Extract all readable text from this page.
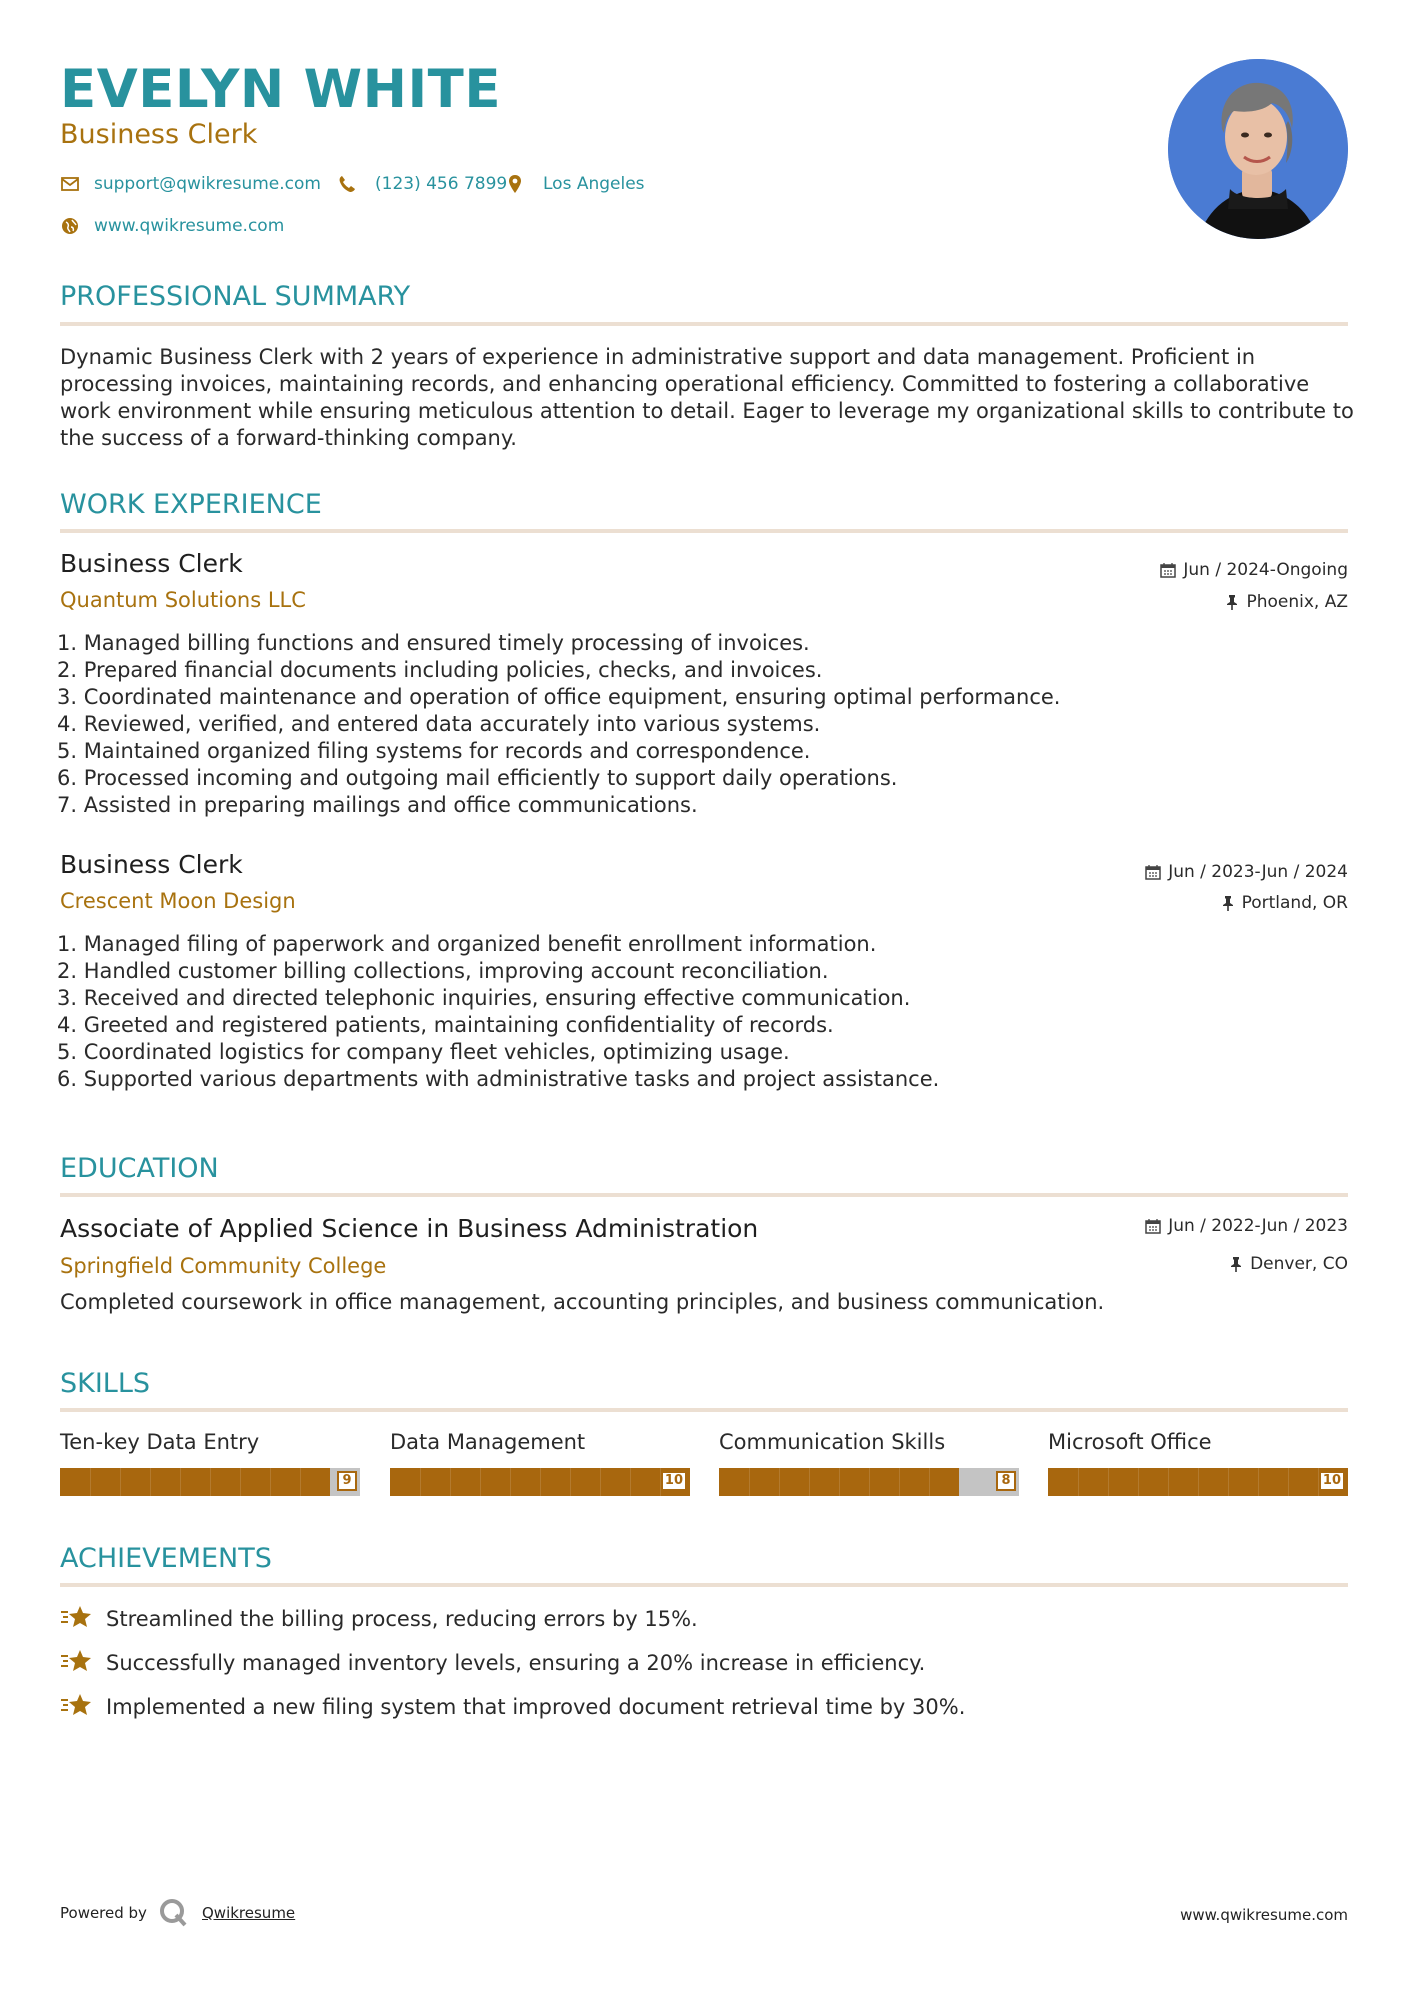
EVELYN WHITE
Business Clerk
support@qwikresume.com	(123) 456 7899 Los Angeles
www.qwikresume.com
PROFESSIONAL SUMMARY
Dynamic Business Clerk with 2 years of experience in administrative support and data management. Proficient in processing invoices, maintaining records, and enhancing operational efficiency. Committed to fostering a collaborative work environment while ensuring meticulous attention to detail. Eager to leverage my organizational skills to contribute to the success of a forward-thinking company.
WORK EXPERIENCE
Business Clerk
Quantum Solutions LLC
Jun / 2024-Ongoing
Phoenix, AZ
1. Managed billing functions and ensured timely processing of invoices.
2. Prepared financial documents including policies, checks, and invoices.
3. Coordinated maintenance and operation of office equipment, ensuring optimal performance.
4. Reviewed, verified, and entered data accurately into various systems.
5. Maintained organized filing systems for records and correspondence.
6. Processed incoming and outgoing mail efficiently to support daily operations.
7. Assisted in preparing mailings and office communications.
Business Clerk
Crescent Moon Design
Jun / 2023-Jun / 2024
Portland, OR
1. Managed filing of paperwork and organized benefit enrollment information.
2. Handled customer billing collections, improving account reconciliation.
3. Received and directed telephonic inquiries, ensuring effective communication.
4. Greeted and registered patients, maintaining confidentiality of records.
5. Coordinated logistics for company fleet vehicles, optimizing usage.
6. Supported various departments with administrative tasks and project assistance.
EDUCATION
Associate of Applied Science in Business Administration
Springfield Community College
Jun / 2022-Jun / 2023
Denver, CO
Completed coursework in office management, accounting principles, and business communication.
SKILLS
Ten-key Data Entry
9
Data Management
10
Communication Skills
8
Microsoft Office
10
ACHIEVEMENTS
Streamlined the billing process, reducing errors by 15%.
Successfully managed inventory levels, ensuring a 20% increase in efficiency.
Implemented a new filing system that improved document retrieval time by 30%.
Powered by	Qwikresume	www.qwikresume.com
